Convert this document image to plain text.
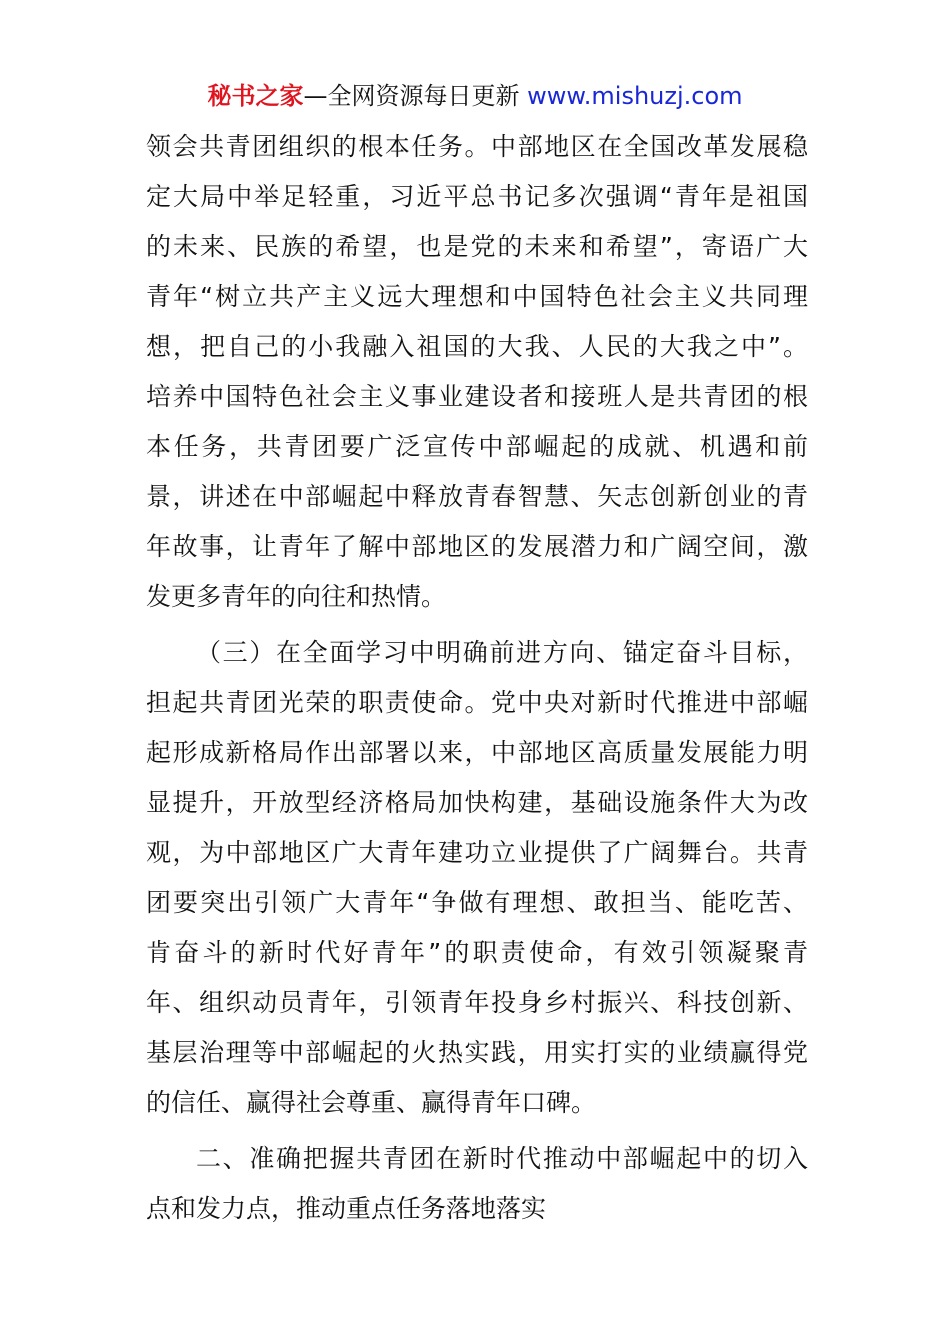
秘书之家—全网资源每日更新 www.mishuzj.com
领会共青团组织的根本任务。中部地区在全国改革发展稳
定大局中举足轻重，习近平总书记多次强调“青年是祖国
的未来、民族的希望，也是党的未来和希望”，寄语广大
青年“树立共产主义远大理想和中国特色社会主义共同理
想，把自己的小我融入祖国的大我、人民的大我之中”。
培养中国特色社会主义事业建设者和接班人是共青团的根
本任务，共青团要广泛宣传中部崛起的成就、机遇和前
景，讲述在中部崛起中释放青春智慧、矢志创新创业的青
年故事，让青年了解中部地区的发展潜力和广阔空间，激
发更多青年的向往和热情。
（三）在全面学习中明确前进方向、锚定奋斗目标，
担起共青团光荣的职责使命。党中央对新时代推进中部崛
起形成新格局作出部署以来，中部地区高质量发展能力明
显提升，开放型经济格局加快构建，基础设施条件大为改
观，为中部地区广大青年建功立业提供了广阔舞台。共青
团要突出引领广大青年“争做有理想、敢担当、能吃苦、
肯奋斗的新时代好青年”的职责使命，有效引领凝聚青
年、组织动员青年，引领青年投身乡村振兴、科技创新、
基层治理等中部崛起的火热实践，用实打实的业绩赢得党
的信任、赢得社会尊重、赢得青年口碑。
二、准确把握共青团在新时代推动中部崛起中的切入
点和发力点，推动重点任务落地落实
